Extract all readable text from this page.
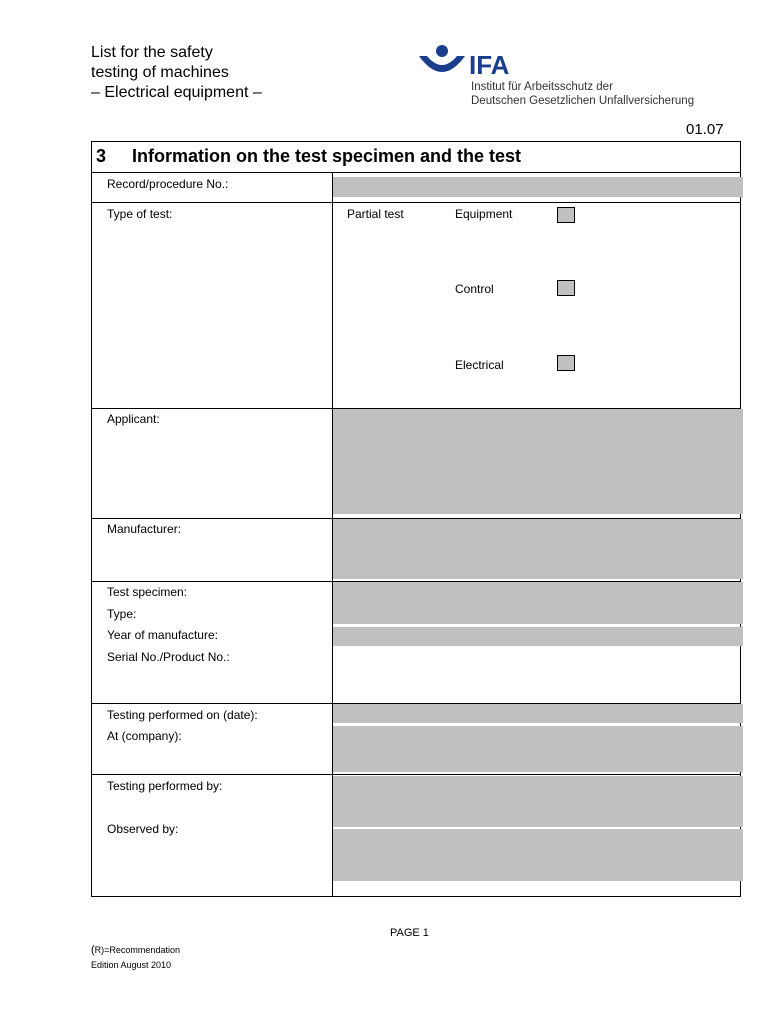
List for the safety
testing of machines
– Electrical equipment –
IFA
Institut für Arbeitsschutz der
Deutschen Gesetzlichen Unfallversicherung
01.07
3 Information on the test specimen and the test
Record/procedure No.:
Type of test:	Partial test	Equipment
Control
Electrical
Applicant:
Manufacturer:
Test specimen:
Type:
Year of manufacture:
Serial No./Product No.:
Testing performed on (date):
At (company):
Testing performed by:
Observed by:
PAGE 1
(R)=Recommendation
Edition August 2010
